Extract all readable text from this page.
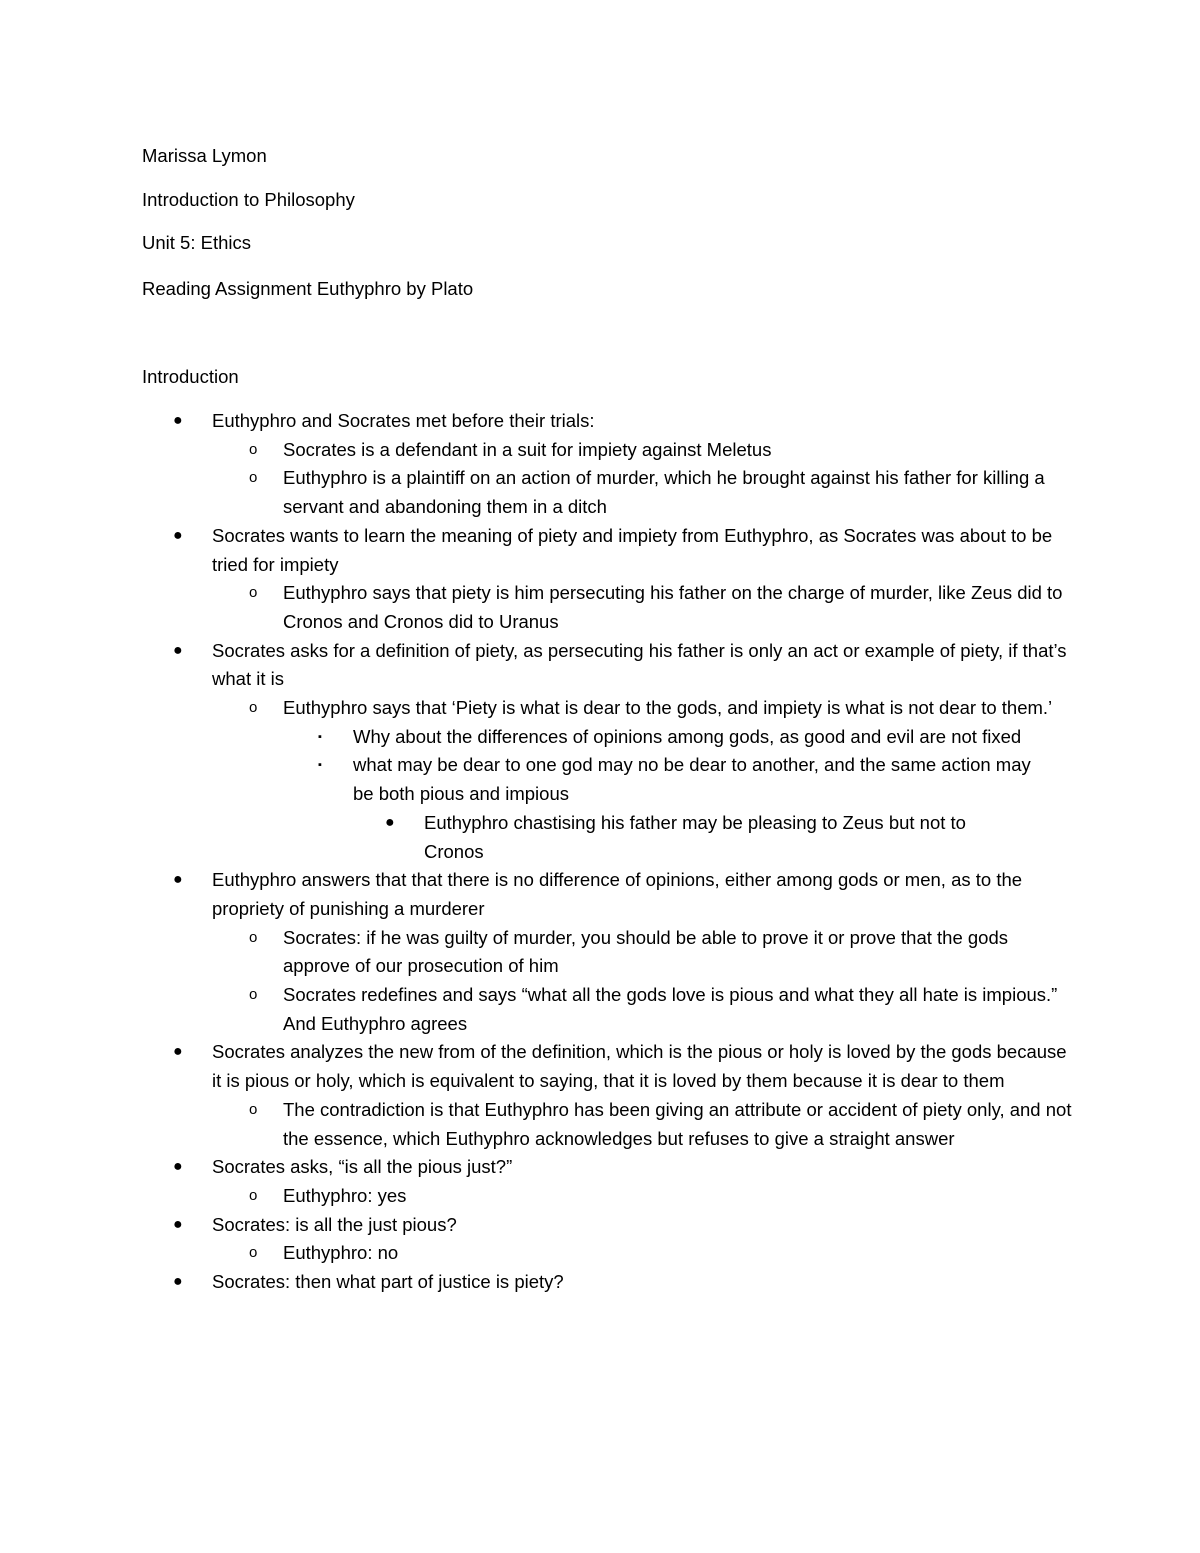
Marissa Lymon
Introduction to Philosophy
Unit 5: Ethics
Reading Assignment Euthyphro by Plato
Introduction
● Euthyphro and Socrates met before their trials:
o Socrates is a defendant in a suit for impiety against Meletus
o Euthyphro is a plaintiff on an action of murder, which he brought against his father for killing a servant and abandoning them in a ditch
● Socrates wants to learn the meaning of piety and impiety from Euthyphro, as Socrates was about to be tried for impiety
o Euthyphro says that piety is him persecuting his father on the charge of murder, like Zeus did to Cronos and Cronos did to Uranus
● Socrates asks for a definition of piety, as persecuting his father is only an act or example of piety, if that’s what it is
o Euthyphro says that ‘Piety is what is dear to the gods, and impiety is what is not dear to them.’
▪ Why about the differences of opinions among gods, as good and evil are not fixed
▪ what may be dear to one god may no be dear to another, and the same action may be both pious and impious
● Euthyphro chastising his father may be pleasing to Zeus but not to Cronos
● Euthyphro answers that that there is no difference of opinions, either among gods or men, as to the propriety of punishing a murderer
o Socrates: if he was guilty of murder, you should be able to prove it or prove that the gods approve of our prosecution of him
o Socrates redefines and says “what all the gods love is pious and what they all hate is impious.” And Euthyphro agrees
● Socrates analyzes the new from of the definition, which is the pious or holy is loved by the gods because it is pious or holy, which is equivalent to saying, that it is loved by them because it is dear to them
o The contradiction is that Euthyphro has been giving an attribute or accident of piety only, and not the essence, which Euthyphro acknowledges but refuses to give a straight answer
● Socrates asks, “is all the pious just?”
o Euthyphro: yes
● Socrates: is all the just pious?
o Euthyphro: no
● Socrates: then what part of justice is piety?
